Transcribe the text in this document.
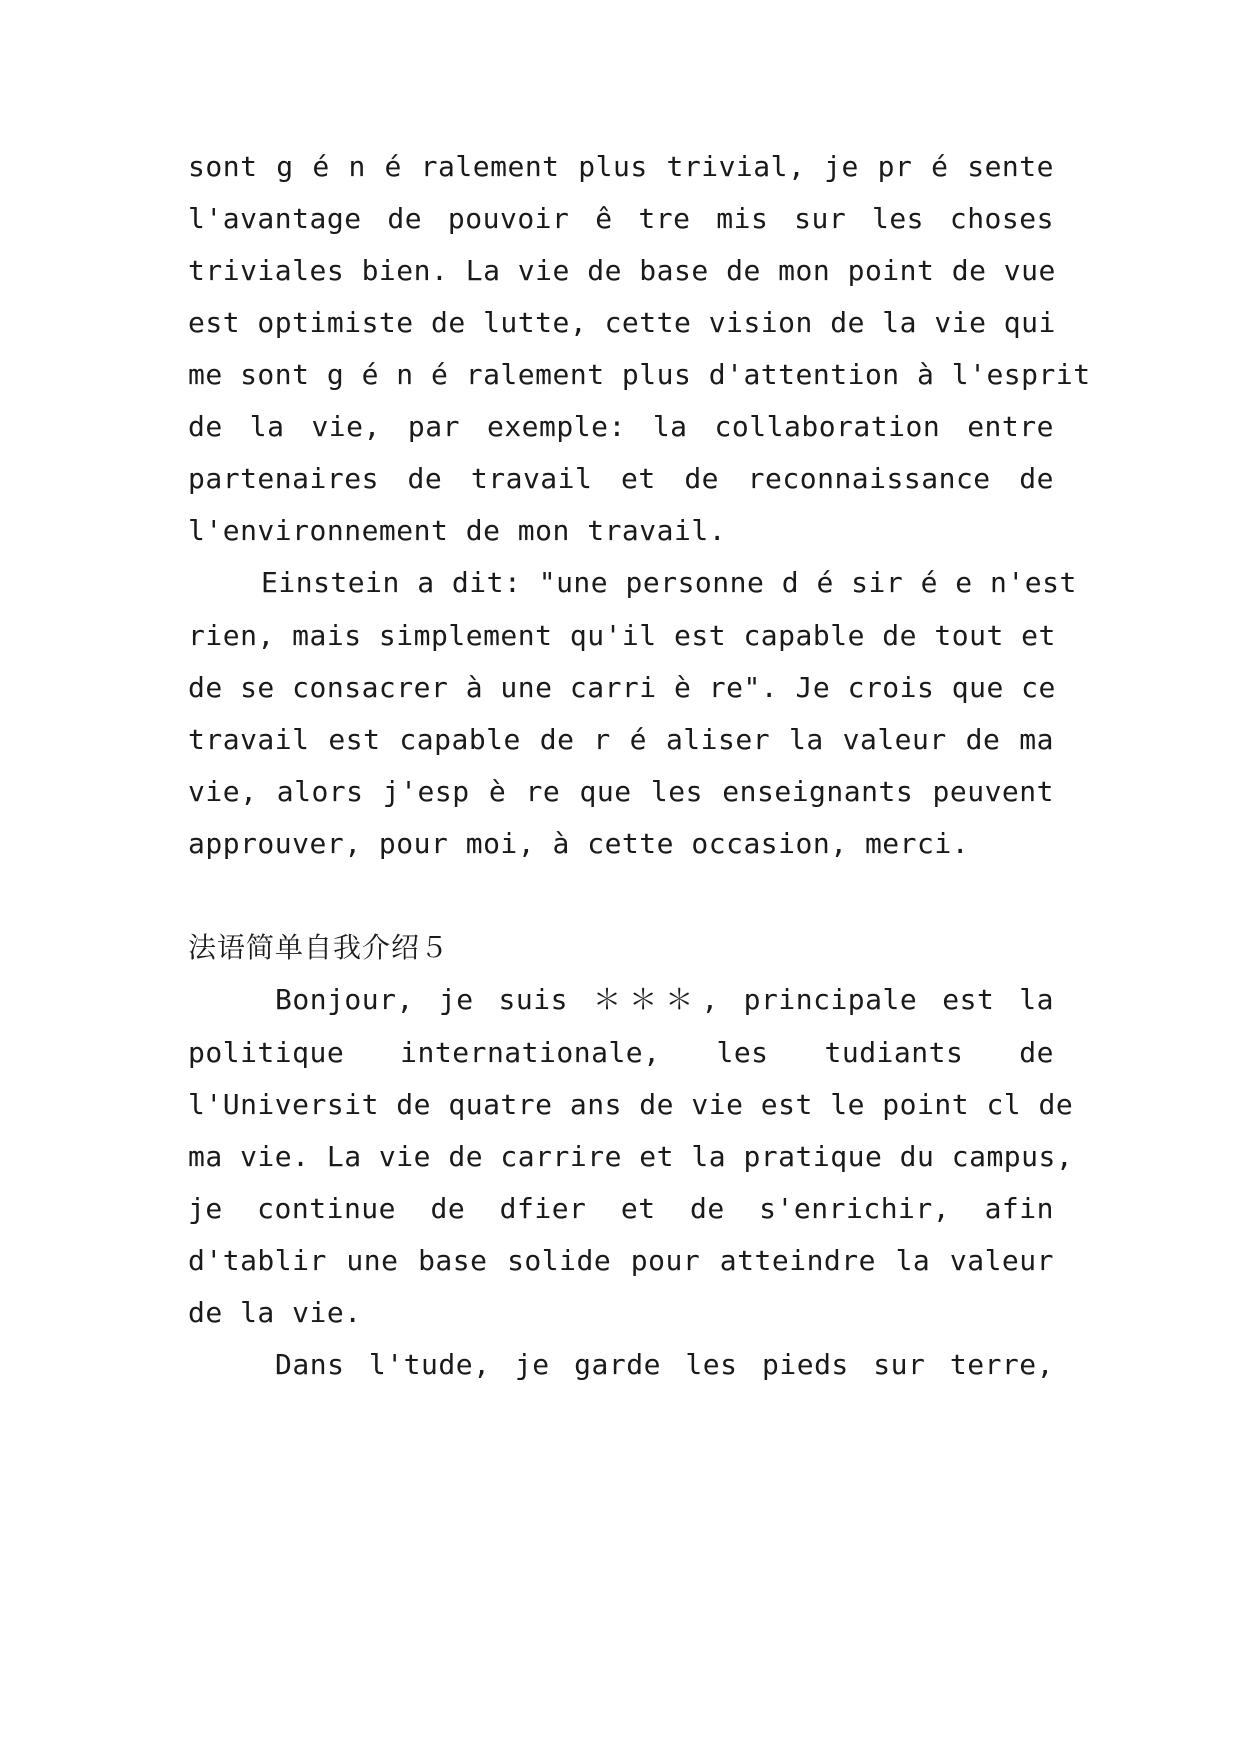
sont g é n é ralement plus trivial, je pr é sente
l'avantage de pouvoir ê tre mis sur les choses
triviales bien. La vie de base de mon point de vue
est optimiste de lutte, cette vision de la vie qui
me sont g é n é ralement plus d'attention à l'esprit
de la vie, par exemple: la collaboration entre
partenaires de travail et de reconnaissance de
l'environnement de mon travail.
Einstein a dit: "une personne d é sir é e n'est
rien, mais simplement qu'il est capable de tout et
de se consacrer à une carri è re". Je crois que ce
travail est capable de r é aliser la valeur de ma
vie, alors j'esp è re que les enseignants peuvent
approuver, pour moi, à cette occasion, merci.
法语简单自我介绍５
Bonjour, je suis ＊＊＊, principale est la
politique internationale, les tudiants de
l'Universit de quatre ans de vie est le point cl de
ma vie. La vie de carrire et la pratique du campus,
je continue de dfier et de s'enrichir, afin
d'tablir une base solide pour atteindre la valeur
de la vie.
Dans l'tude, je garde les pieds sur terre,
